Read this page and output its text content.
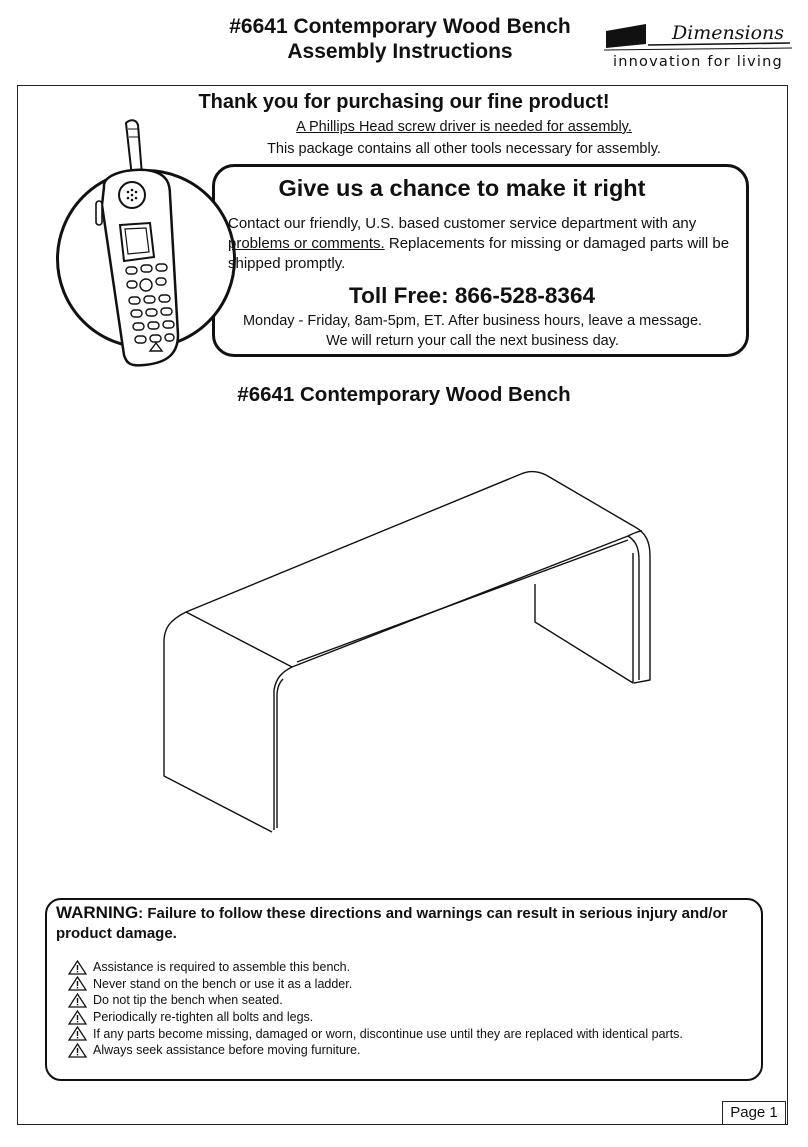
#6641 Contemporary Wood Bench
Assembly Instructions
Dimensions
innovation for living
Thank you for purchasing our fine product!
A Phillips Head screw driver is needed for assembly.
This package contains all other tools necessary for assembly.
Give us a chance to make it right
Contact our friendly, U.S. based customer service department with any
problems or comments. Replacements for missing or damaged parts will be shipped promptly.
Toll Free: 866-528-8364
Monday - Friday, 8am-5pm, ET. After business hours, leave a message.
We will return your call the next business day.
#6641 Contemporary Wood Bench
WARNING: Failure to follow these directions and warnings can result in serious injury and/or product damage.
Assistance is required to assemble this bench.
Never stand on the bench or use it as a ladder.
Do not tip the bench when seated.
Periodically re-tighten all bolts and legs.
If any parts become missing, damaged or worn, discontinue use until they are replaced with identical parts.
Always seek assistance before moving furniture.
Page 1
